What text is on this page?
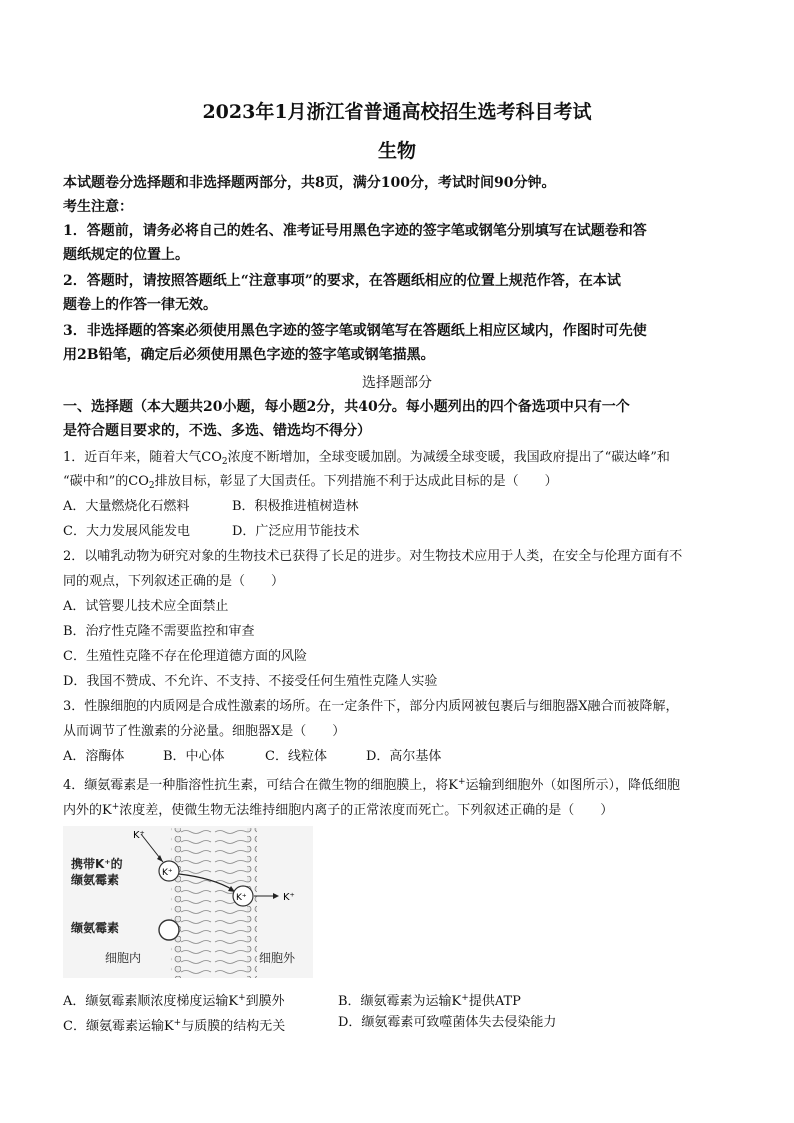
2023年1月浙江省普通高校招生选考科目考试
生物
本试题卷分选择题和非选择题两部分，共8页，满分100分，考试时间90分钟。
考生注意：
1．答题前，请务必将自己的姓名、准考证号用黑色字迹的签字笔或钢笔分别填写在试题卷和答
题纸规定的位置上。
2．答题时，请按照答题纸上“注意事项”的要求，在答题纸相应的位置上规范作答，在本试
题卷上的作答一律无效。
3．非选择题的答案必须使用黑色字迹的签字笔或钢笔写在答题纸上相应区域内，作图时可先使
用2B铅笔，确定后必须使用黑色字迹的签字笔或钢笔描黑。
选择题部分
一、选择题（本大题共20小题，每小题2分，共40分。每小题列出的四个备选项中只有一个
是符合题目要求的，不选、多选、错选均不得分）
1．近百年来，随着大气$CO_2$浓度不断增加，全球变暖加剧。为减缓全球变暖，我国政府提出了“碳达峰”和
“碳中和”的$CO_2$排放目标，彰显了大国责任。下列措施不利于达成此目标的是（　　）
A．大量燃烧化石燃料	B．积极推进植树造林
C．大力发展风能发电	D．广泛应用节能技术
2．以哺乳动物为研究对象的生物技术已获得了长足的进步。对生物技术应用于人类，在安全与伦理方面有不
同的观点，下列叙述正确的是（　　）
A．试管婴儿技术应全面禁止
B．治疗性克隆不需要监控和审查
C．生殖性克隆不存在伦理道德方面的风险
D．我国不赞成、不允许、不支持、不接受任何生殖性克隆人实验
3．性腺细胞的内质网是合成性激素的场所。在一定条件下，部分内质网被包裹后与细胞器X融合而被降解，
从而调节了性激素的分泌量。细胞器X是（　　）
A．溶酶体	B．中心体	C．线粒体	D．高尔基体
4．缬氨霉素是一种脂溶性抗生素，可结合在微生物的细胞膜上，将K+运输到细胞外（如图所示），降低细胞
内外的K+浓度差，使微生物无法维持细胞内离子的正常浓度而死亡。下列叙述正确的是（　　）
K⁺
K⁺
K⁺	K⁺
携带K⁺的
缬氨霉素
缬氨霉素
细胞内	细胞外
A．缬氨霉素顺浓度梯度运输K+到膜外	B．缬氨霉素为运输K+提供ATP
C．缬氨霉素运输K+与质膜的结构无关	D．缬氨霉素可致噬菌体失去侵染能力
